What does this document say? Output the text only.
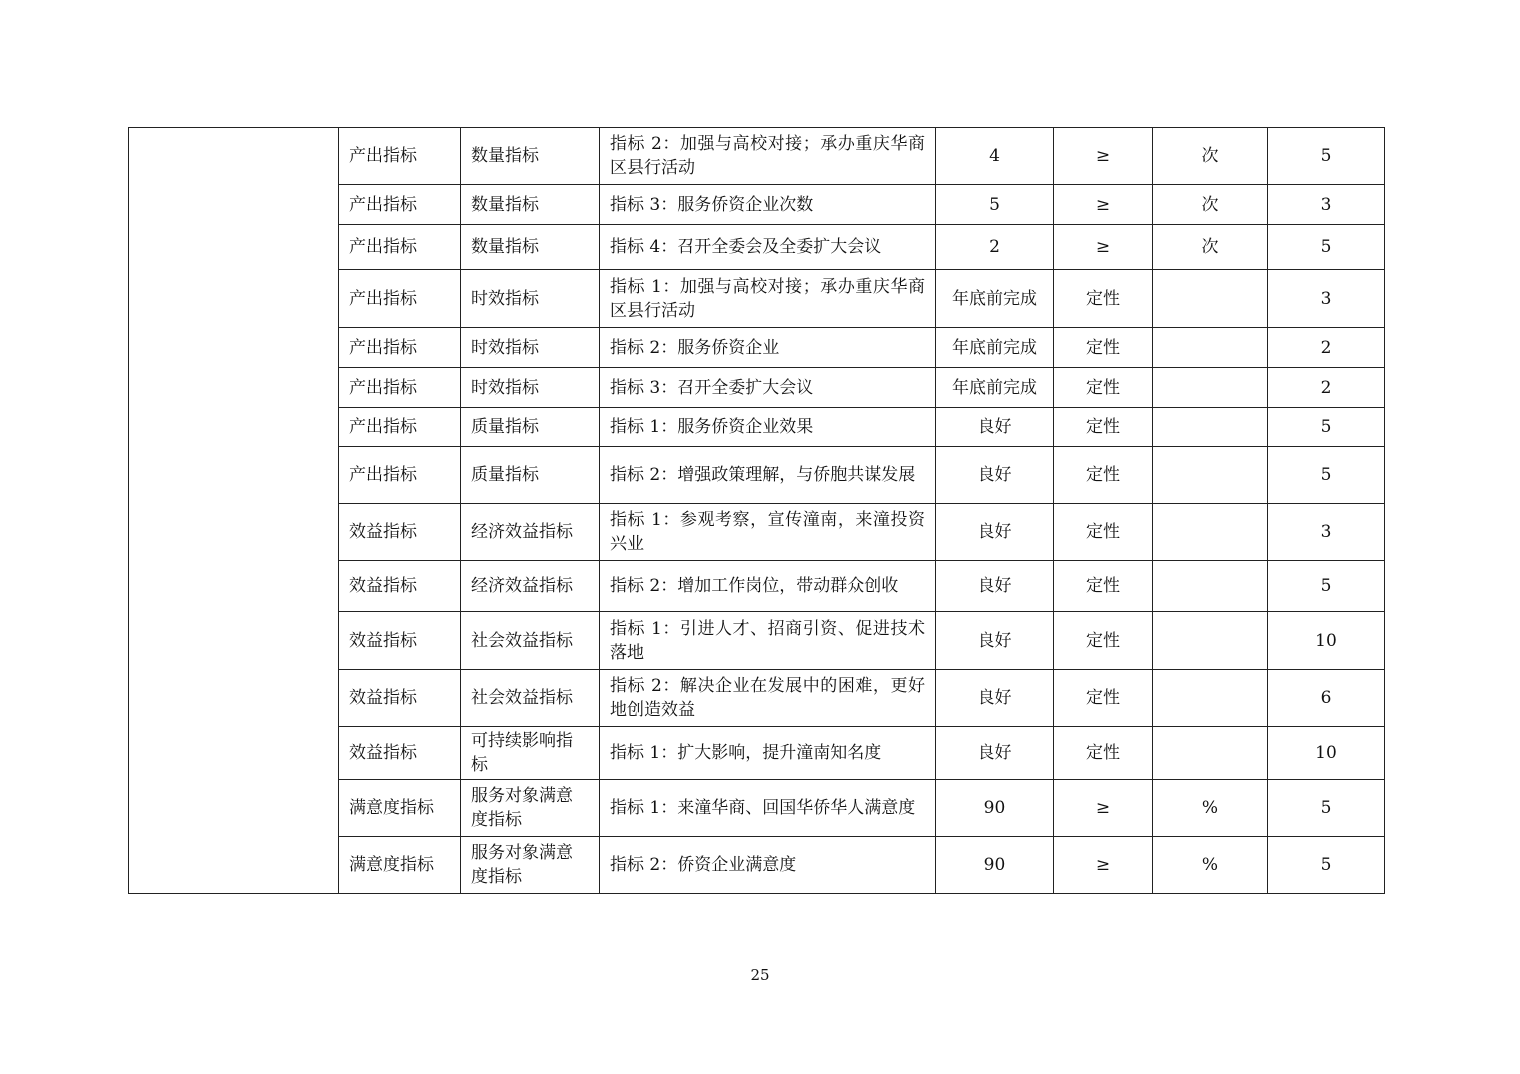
	产出指标	数量指标	指标 2：加强与高校对接；承办重庆华商区县行活动	4	≥	次	5
	产出指标	数量指标	指标 3：服务侨资企业次数	5	≥	次	3
	产出指标	数量指标	指标 4：召开全委会及全委扩大会议	2	≥	次	5
	产出指标	时效指标	指标 1：加强与高校对接；承办重庆华商区县行活动	年底前完成	定性		3
	产出指标	时效指标	指标 2：服务侨资企业	年底前完成	定性		2
	产出指标	时效指标	指标 3：召开全委扩大会议	年底前完成	定性		2
	产出指标	质量指标	指标 1：服务侨资企业效果	良好	定性		5
	产出指标	质量指标	指标 2：增强政策理解，与侨胞共谋发展	良好	定性		5
	效益指标	经济效益指标	指标 1：参观考察，宣传潼南，来潼投资兴业	良好	定性		3
	效益指标	经济效益指标	指标 2：增加工作岗位，带动群众创收	良好	定性		5
	效益指标	社会效益指标	指标 1：引进人才、招商引资、促进技术落地	良好	定性		10
	效益指标	社会效益指标	指标 2：解决企业在发展中的困难，更好地创造效益	良好	定性		6
	效益指标	可持续影响指标	指标 1：扩大影响，提升潼南知名度	良好	定性		10
	满意度指标	服务对象满意度指标	指标 1：来潼华商、回国华侨华人满意度	90	≥	%	5
	满意度指标	服务对象满意度指标	指标 2：侨资企业满意度	90	≥	%	5
25
